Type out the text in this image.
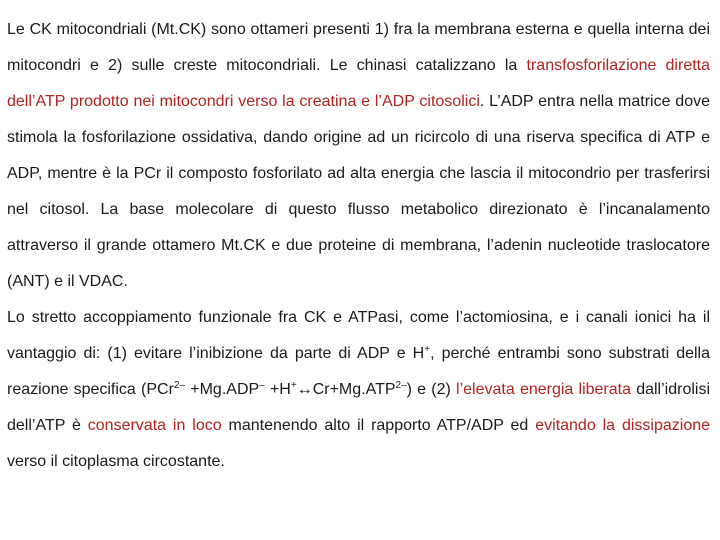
Le CK mitocondriali (Mt.CK) sono ottameri presenti 1) fra la membrana esterna e quella interna dei mitocondri e 2) sulle creste mitocondriali. Le chinasi catalizzano la transfosforilazione diretta dell’ATP prodotto nei mitocondri verso la creatina e l’ADP citosolici. L’ADP entra nella matrice dove stimola la fosforilazione ossidativa, dando origine ad un ricircolo di una riserva specifica di ATP e ADP, mentre è la PCr il composto fosforilato ad alta energia che lascia il mitocondrio per trasferirsi nel citosol. La base molecolare di questo flusso metabolico direzionato è l’incanalamento attraverso il grande ottamero Mt.CK e due proteine di membrana, l’adenin nucleotide traslocatore (ANT) e il VDAC.

Lo stretto accoppiamento funzionale fra CK e ATPasi, come l’actomiosina, e i canali ionici ha il vantaggio di: (1) evitare l’inibizione da parte di ADP e H+, perché entrambi sono substrati della reazione specifica $(PCr^{2-} +Mg.ADP^- +H^+\leftrightarrow Cr+Mg.ATP^{2-})$ e (2) l’elevata energia liberata dall’idrolisi dell’ATP è conservata in loco mantenendo alto il rapporto ATP/ADP ed evitando la dissipazione verso il citoplasma circostante.
